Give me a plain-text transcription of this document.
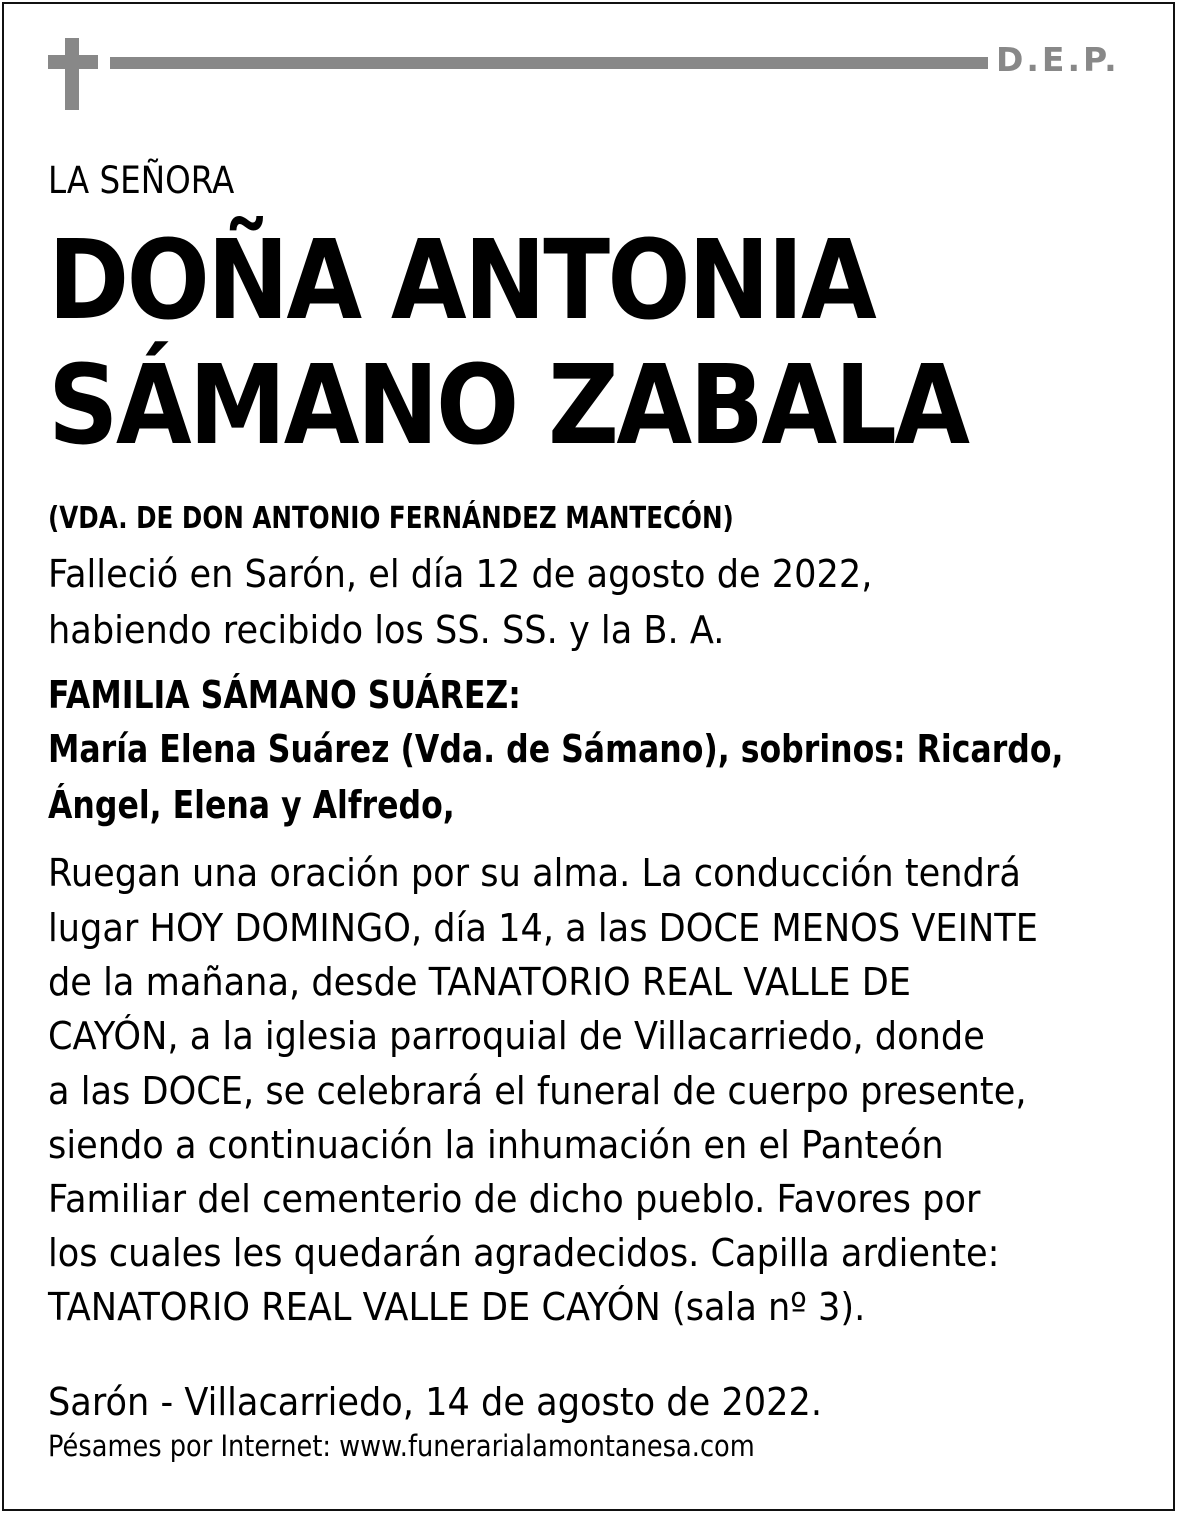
D.E.P.
LA SEÑORA
DOÑA ANTONIA
SÁMANO ZABALA
(VDA. DE DON ANTONIO FERNÁNDEZ MANTECÓN)
Falleció en Sarón, el día 12 de agosto de 2022,
habiendo recibido los SS. SS. y la B. A.
FAMILIA SÁMANO SUÁREZ:
María Elena Suárez (Vda. de Sámano), sobrinos: Ricardo,
Ángel, Elena y Alfredo,
Ruegan una oración por su alma. La conducción tendrá
lugar HOY DOMINGO, día 14, a las DOCE MENOS VEINTE
de la mañana, desde TANATORIO REAL VALLE DE
CAYÓN, a la iglesia parroquial de Villacarriedo, donde
a las DOCE, se celebrará el funeral de cuerpo presente,
siendo a continuación la inhumación en el Panteón
Familiar del cementerio de dicho pueblo. Favores por
los cuales les quedarán agradecidos. Capilla ardiente:
TANATORIO REAL VALLE DE CAYÓN (sala nº 3).
Sarón - Villacarriedo, 14 de agosto de 2022.
Pésames por Internet: www.funerarialamontanesa.com
